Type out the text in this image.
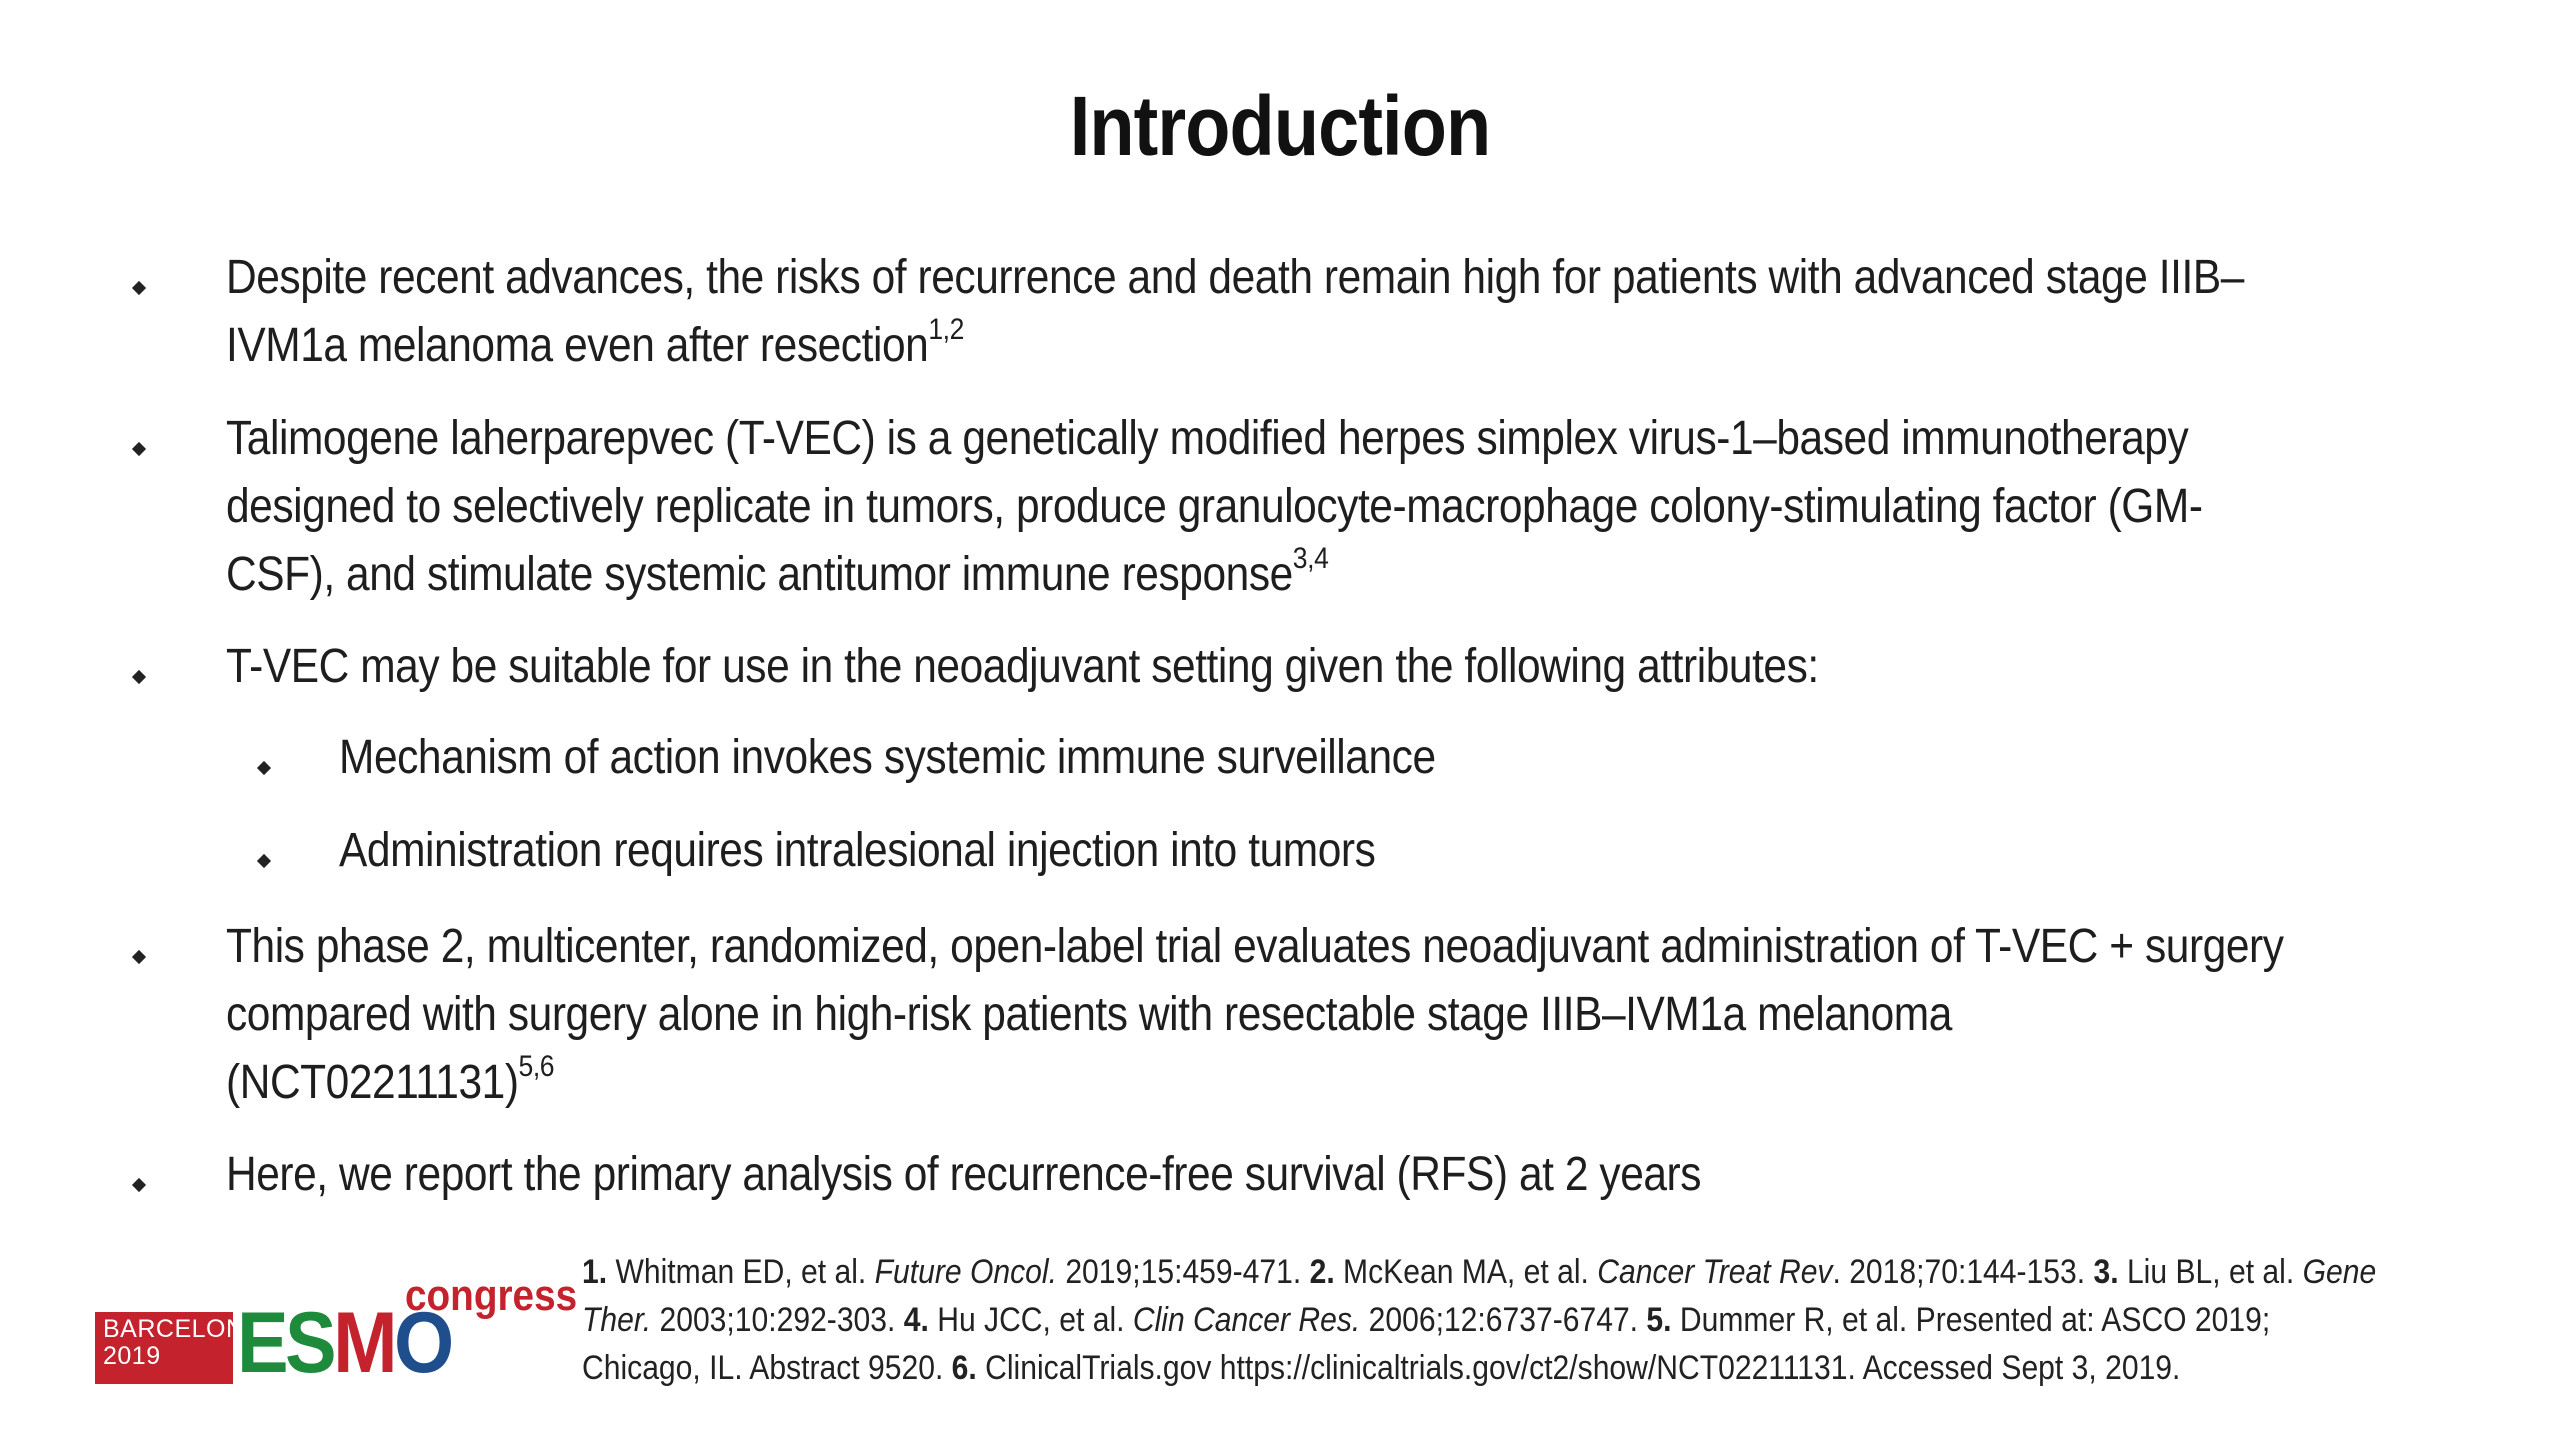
Introduction
Despite recent advances, the risks of recurrence and death remain high for patients with advanced stage IIIB–IVM1a melanoma even after resection$^{1,2}$
Talimogene laherparepvec (T-VEC) is a genetically modified herpes simplex virus-1–based immunotherapy designed to selectively replicate in tumors, produce granulocyte-macrophage colony-stimulating factor (GM-CSF), and stimulate systemic antitumor immune response$^{3,4}$
T-VEC may be suitable for use in the neoadjuvant setting given the following attributes:
Mechanism of action invokes systemic immune surveillance
Administration requires intralesional injection into tumors
This phase 2, multicenter, randomized, open-label trial evaluates neoadjuvant administration of T-VEC + surgery compared with surgery alone in high-risk patients with resectable stage IIIB–IVM1a melanoma $(NCT02211131)^{5,6}$
Here, we report the primary analysis of recurrence-free survival (RFS) at 2 years
1. Whitman ED, et al. Future Oncol. 2019;15:459-471. 2. McKean MA, et al. Cancer Treat Rev. 2018;70:144-153. 3. Liu BL, et al. Gene Ther. 2003;10:292-303. 4. Hu JCC, et al. Clin Cancer Res. 2006;12:6737-6747. 5. Dummer R, et al. Presented at: ASCO 2019; Chicago, IL. Abstract 9520. 6. ClinicalTrials.gov https://clinicaltrials.gov/ct2/show/NCT02211131. Accessed Sept 3, 2019.
BARCELONA
2019 ESMO
congress
